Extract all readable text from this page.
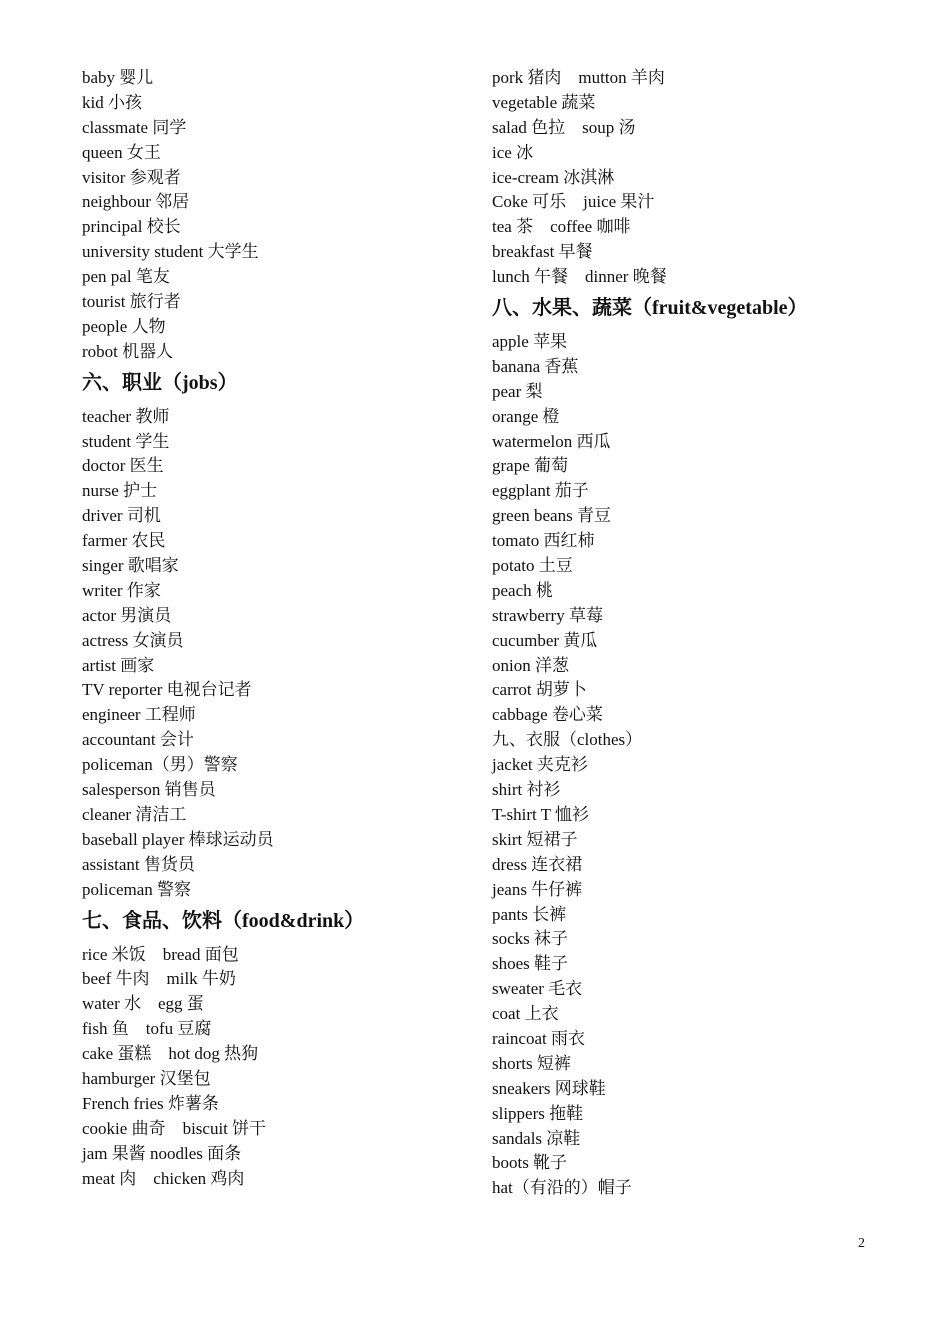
baby 婴儿
kid 小孩
classmate 同学
queen 女王
visitor 参观者
neighbour 邻居
principal 校长
university student 大学生
pen pal 笔友
tourist 旅行者
people 人物
robot 机器人
六、职业（jobs）
teacher 教师
student 学生
doctor 医生
nurse 护士
driver 司机
farmer 农民
singer 歌唱家
writer 作家
actor 男演员
actress 女演员
artist 画家
TV reporter 电视台记者
engineer 工程师
accountant 会计
policeman（男）警察
salesperson 销售员
cleaner 清洁工
baseball player 棒球运动员
assistant 售货员
policeman 警察
七、食品、饮料（food&drink）
rice 米饭    bread 面包
beef 牛肉    milk 牛奶
water 水    egg 蛋
fish 鱼    tofu 豆腐
cake 蛋糕    hot dog 热狗
hamburger 汉堡包
French fries 炸薯条
cookie 曲奇    biscuit 饼干
jam 果酱 noodles 面条
meat 肉    chicken 鸡肉
pork 猪肉    mutton 羊肉
vegetable 蔬菜
salad 色拉    soup 汤
ice 冰
ice-cream 冰淇淋
Coke 可乐    juice 果汁
tea 茶    coffee 咖啡
breakfast 早餐
lunch 午餐    dinner 晚餐
八、水果、蔬菜（fruit&vegetable）
apple 苹果
banana 香蕉
pear 梨
orange 橙
watermelon 西瓜
grape 葡萄
eggplant 茄子
green beans 青豆
tomato 西红柿
potato 土豆
peach 桃
strawberry 草莓
cucumber 黄瓜
onion 洋葱
carrot 胡萝卜
cabbage 卷心菜
九、衣服（clothes）
jacket 夹克衫
shirt 衬衫
T-shirt T 恤衫
skirt 短裙子
dress 连衣裙
jeans 牛仔裤
pants 长裤
socks 袜子
shoes 鞋子
sweater 毛衣
coat 上衣
raincoat 雨衣
shorts 短裤
sneakers 网球鞋
slippers 拖鞋
sandals 凉鞋
boots 靴子
hat（有沿的）帽子
2
